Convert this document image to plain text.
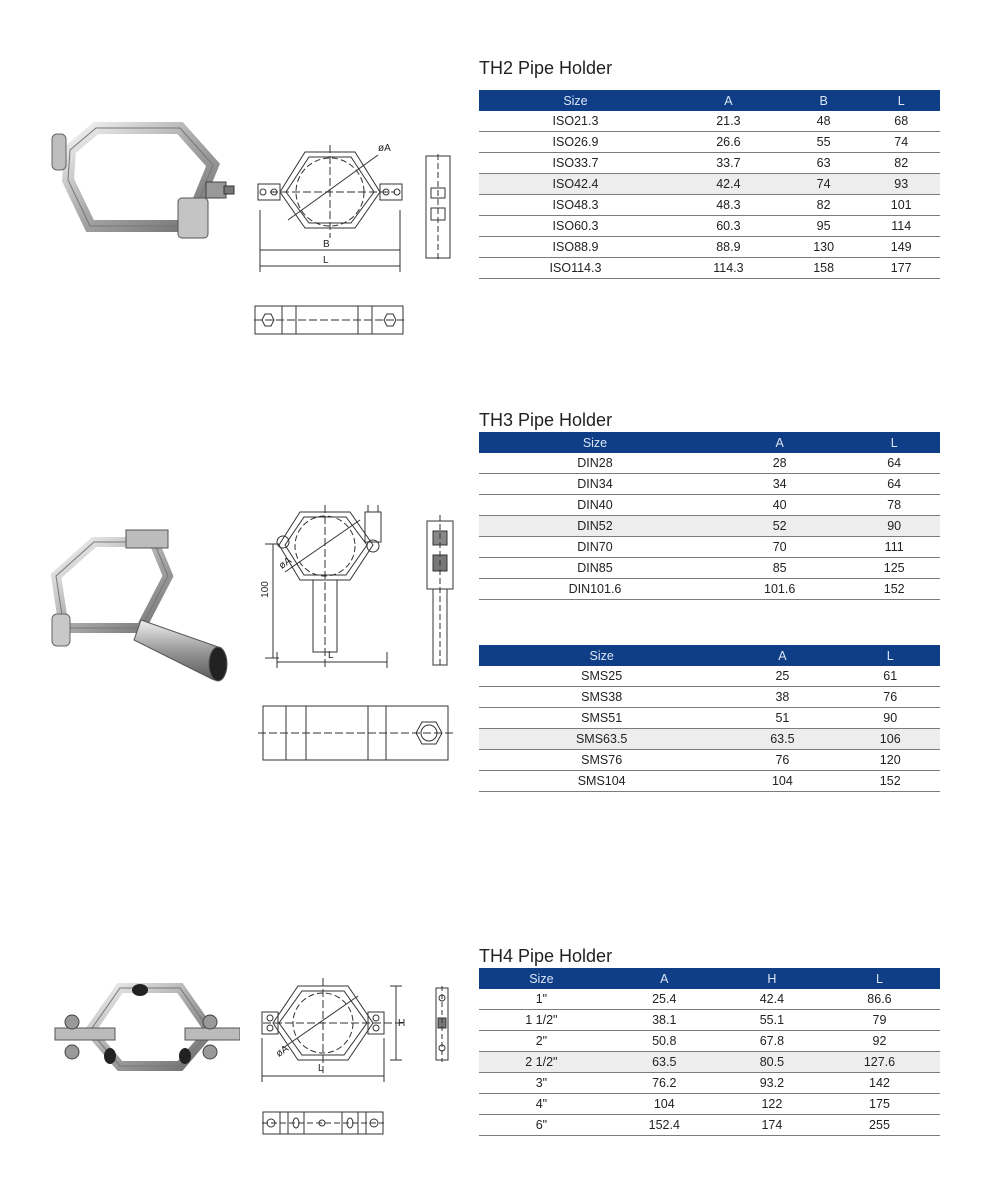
TH2 Pipe Holder
Size	A	B	L
ISO21.3	21.3	48	68
ISO26.9	26.6	55	74
ISO33.7	33.7	63	82
ISO42.4	42.4	74	93
ISO48.3	48.3	82	101
ISO60.3	60.3	95	114
ISO88.9	88.9	130	149
ISO114.3	114.3	158	177
øA
B
L
TH3 Pipe Holder
Size	A	L
DIN28	28	64
DIN34	34	64
DIN40	40	78
DIN52	52	90
DIN70	70	111
DIN85	85	125
DIN101.6	101.6	152
Size	A	L
SMS25	25	61
SMS38	38	76
SMS51	51	90
SMS63.5	63.5	106
SMS76	76	120
SMS104	104	152
100
øA
L
TH4 Pipe Holder
Size	A	H	L
1"	25.4	42.4	86.6
1 1/2"	38.1	55.1	79
2"	50.8	67.8	92
2 1/2"	63.5	80.5	127.6
3"	76.2	93.2	142
4"	104	122	175
6"	152.4	174	255
H
øA
L
